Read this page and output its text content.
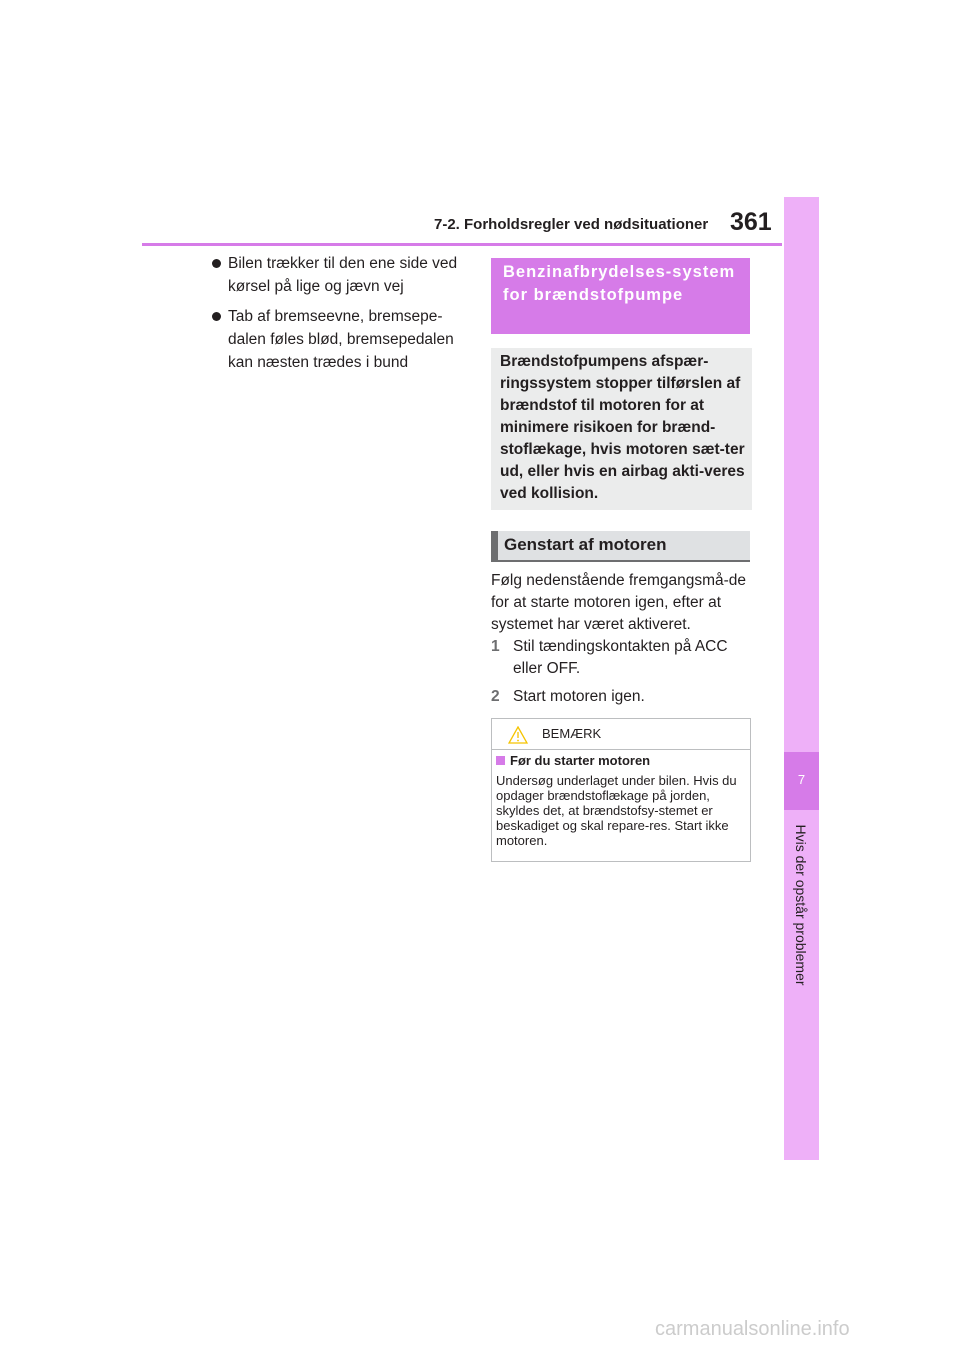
7-2. Forholdsregler ved nødsituationer 361
7
Hvis der opstår problemer
Bilen trækker til den ene side ved kørsel på lige og jævn vej
Tab af bremseevne, bremsepe-dalen føles blød, bremsepedalen kan næsten trædes i bund
Benzinafbrydelses-system for brændstofpumpe
Brændstofpumpens afspær-ringssystem stopper tilførslen af brændstof til motoren for at minimere risikoen for brænd-stoflækage, hvis motoren sæt-ter ud, eller hvis en airbag akti-veres ved kollision.
Genstart af motoren
Følg nedenstående fremgangsmå-de for at starte motoren igen, efter at systemet har været aktiveret.
1 Stil tændingskontakten på ACC eller OFF.
2 Start motoren igen.
BEMÆRK
Før du starter motoren
Undersøg underlaget under bilen. Hvis du opdager brændstoflækage på jorden, skyldes det, at brændstofsy-stemet er beskadiget og skal repare-res. Start ikke motoren.
carmanualsonline.info
